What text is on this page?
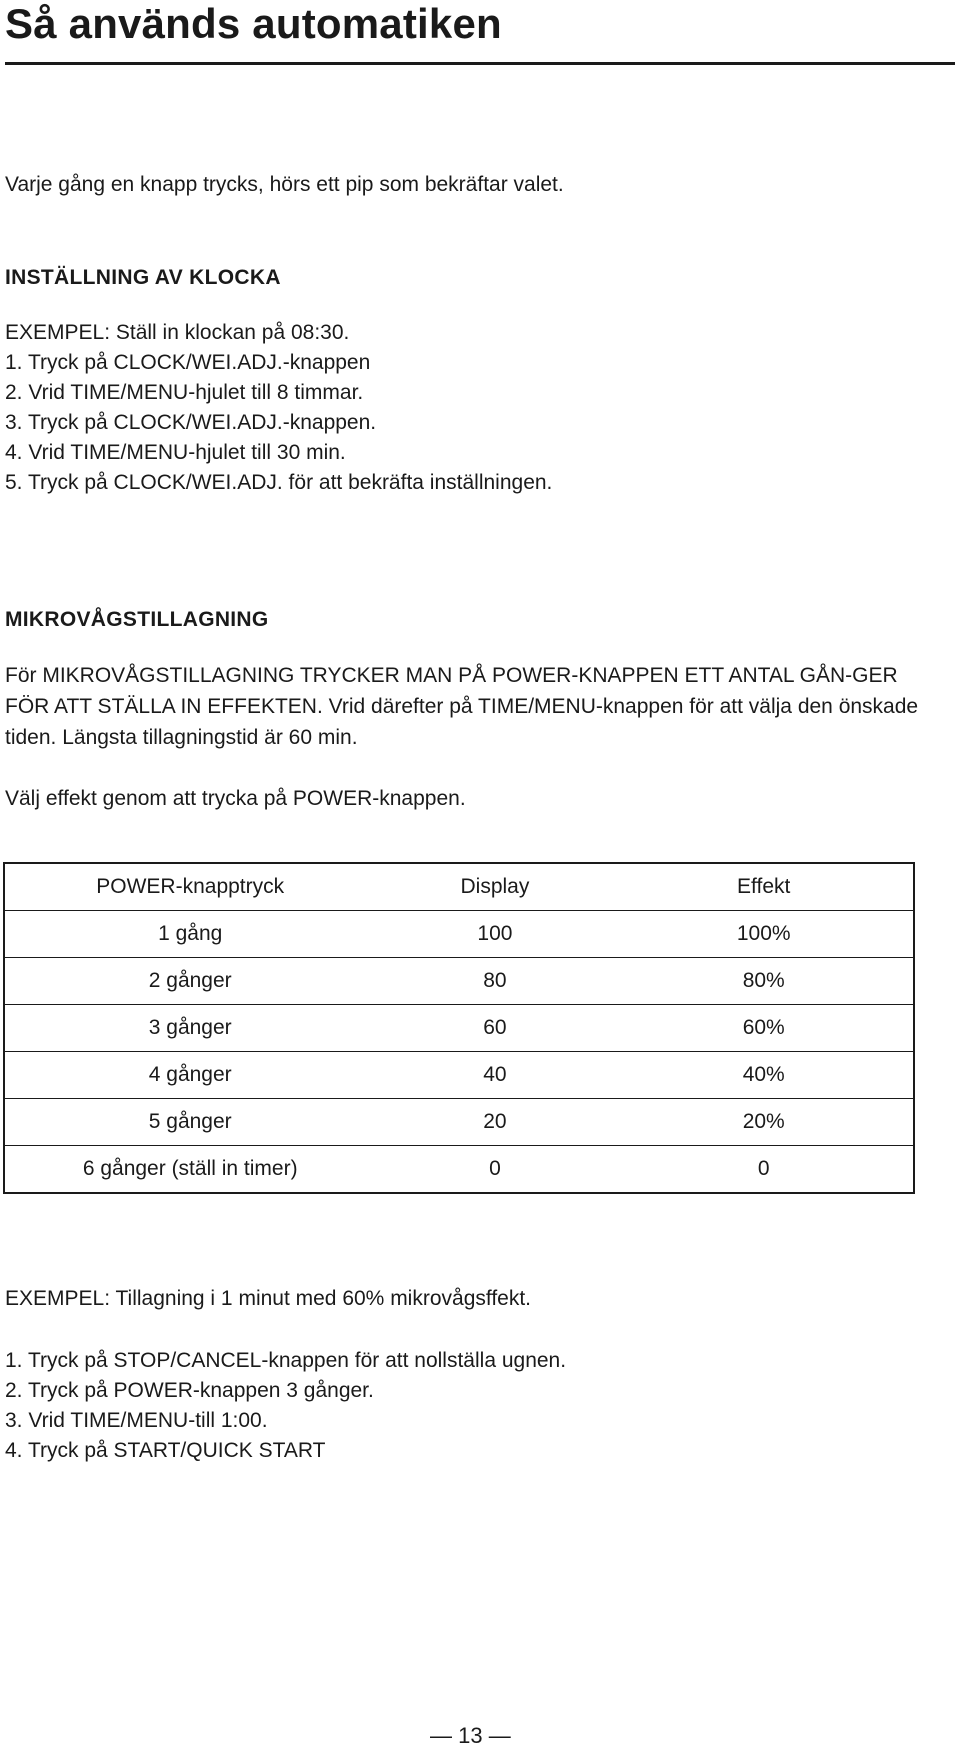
Så används automatiken

Varje gång en knapp trycks, hörs ett pip som bekräftar valet.

INSTÄLLNING AV KLOCKA

EXEMPEL: Ställ in klockan på 08:30.

1. Tryck på CLOCK/WEI.ADJ.-knappen
2. Vrid TIME/MENU-hjulet till 8 timmar.
3. Tryck på CLOCK/WEI.ADJ.-knappen.
4. Vrid TIME/MENU-hjulet till 30 min.
5. Tryck på CLOCK/WEI.ADJ. för att bekräfta inställningen.
MIKROVÅGSTILLAGNING

För MIKROVÅGSTILLAGNING TRYCKER MAN PÅ POWER-KNAPPEN ETT ANTAL GÅN-GER FÖR ATT STÄLLA IN EFFEKTEN. Vrid därefter på TIME/MENU-knappen för att välja den önskade tiden. Längsta tillagningstid är 60 min.

Välj effekt genom att trycka på POWER-knappen.

POWER-knapptryck	Display	Effekt
1 gång	100	100%
2 gånger	80	80%
3 gånger	60	60%
4 gånger	40	40%
5 gånger	20	20%
6 gånger (ställ in timer)	0	0

EXEMPEL: Tillagning i 1 minut med 60% mikrovågsffekt.

1. Tryck på STOP/CANCEL-knappen för att nollställa ugnen.
2. Tryck på POWER-knappen 3 gånger.
3. Vrid TIME/MENU-till 1:00.
4. Tryck på START/QUICK START
— 13 —
